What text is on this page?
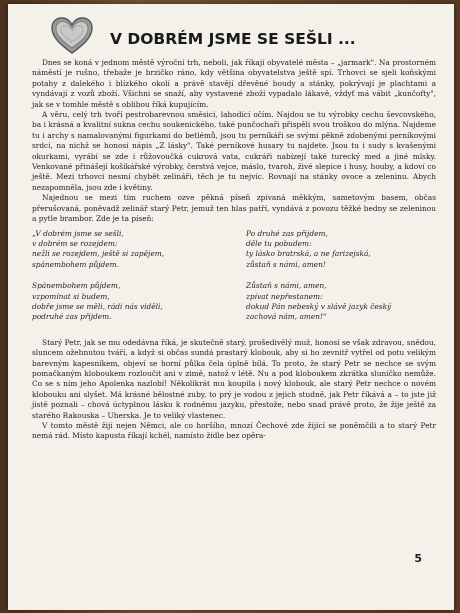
V DOBRÉM JSME SE SEŠLI ...

Dnes se koná v jednom městě výroční trh, neboli, jak říkají obyvatelé města – „jarmark". Na prostorném náměstí je rušno, třebaže je brzičko ráno, kdy většina obyvatelstva ještě spí. Trhovci se sjeli koňskými potahy z dalekého i blízkého okolí a právě stavějí dřevěné boudy a stánky, pokrývají je plachtami a vyndávají z vozů zboží. Všichni se snaží, aby vystavené zboží vypadalo lákavě, vždyť má vábit „kunčofty", jak se v tomhle městě s oblibou říká kupujícím.

A věru, celý trh tvoří pestrobarevnou směsici, lahodící očím. Najdou se tu výrobky cechu ševcovského, ba i krásná a kvalitní sukna cechu soukenického, také punčochaři přispěli svou troškou do mlýna. Najdeme tu i archy s namalovanými figurkami do betlémů, jsou tu perníkáři se svými pěkně zdobenými perníkovými srdci, na nichž se honosí nápis „Z lásky". Také perníkové husary tu najdete. Jsou tu i sudy s kvašenými okurkami, vyrábí se zde i růžovoučká cukrová vata, cukráři nabízejí také turecký med a jiné mlsky. Venkované přinášejí košíkářské výrobky, čerstvá vejce, máslo, tvaroh, živé slepice i husy, houby, a kdoví co ještě. Mezi trhovci nesmí chybět zelináři, těch je tu nejvíc. Rovnají na stánky ovoce a zeleninu. Abych nezapomněla, jsou zde i květiny.

Najednou se mezi tím ruchem ozve pěkná píseň zpívaná měkkým, sametovým basem, občas přerušovaná, poněvadž zelinář starý Petr, jemuž ten hlas patří, vyndává z povozu těžké bedny se zeleninou a pytle brambor. Zde je ta píseň:

„V dobrém jsme se sešli,
v dobrém se rozejdem:
nežli se rozejdem, ještě si zapějem,
spánembohem půjdem.
Spánembohem půjdem,
vzpomínat si budem,
dobře jsme se měli, rádi nás viděli,
podruhé zas přijdem.
Po druhé zas přijdem,
děle tu pobudem:
ty lásko bratrská, a ne farizejská,
zůstaň s námi, amen!
Zůstaň s námi, amen,
zpívat nepřestanem:
dokud Pán nebeský v slávě jazyk český
zachová nám, amen!"

Starý Petr, jak se mu odedávna říká, je skutečně starý, prošedivělý muž, honosí se však zdravou, snědou, sluncem ožehnutou tváří, a když si občas sundá prastarý klobouk, aby si ho zevnitř vytřel od potu velikým barevným kapesníkem, objeví se horní půlka čela úplně bílá. To proto, že starý Petr se nechce se svým pomačkaným kloboukem rozloučit ani v zimě, natož v létě. Nu a pod kloboukem zkrátka sluníčko nemůže. Co se s ním jeho Apolenka nazlobí! Několikrát mu koupila i nový klobouk, ale starý Petr nechce o novém klobouku ani slyšet. Má krásné bělostné zuby, to prý je vodou z jejich studně, jak Petr říkává a – to jste již jistě poznali – chová úctyplnou lásku k rodnému jazyku, přestože, nebo snad právě proto, že žije ještě za starého Rakouska – Uherska. Je to veliký vlastenec.

V tomto městě žijí nejen Němci, ale co horšího, mnozí Čechové zde žijící se poněmčili a to starý Petr nemá rád. Místo kapusta říkají kchél, namísto židle bez opěra-

5
